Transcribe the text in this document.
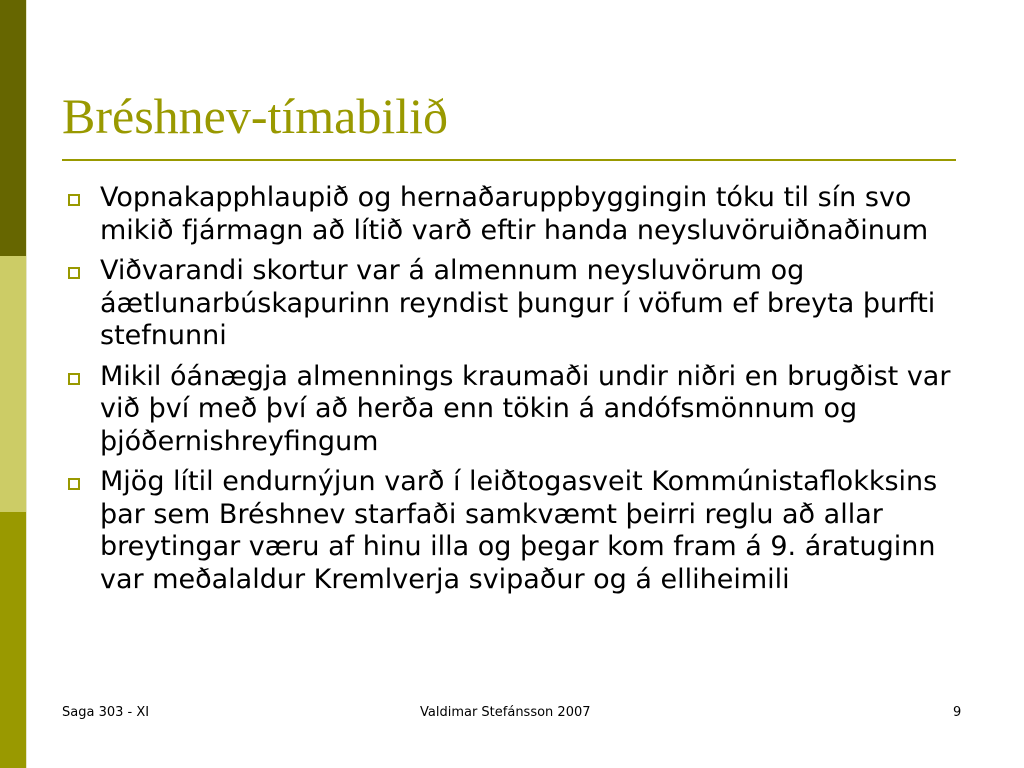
Bréshnev-tímabilið
Vopnakapphlaupið og hernaðaruppbyggingin tóku til sín svo mikið fjármagn að lítið varð eftir handa neysluvöruiðnaðinum
Viðvarandi skortur var á almennum neysluvörum og áætlunarbúskapurinn reyndist þungur í vöfum ef breyta þurfti stefnunni
Mikil óánægja almennings kraumaði undir niðri en brugðist var við því með því að herða enn tökin á andófsmönnum og þjóðernishreyfingum
Mjög lítil endurnýjun varð í leiðtogasveit Kommúnistaflokksins þar sem Bréshnev starfaði samkvæmt þeirri reglu að allar breytingar væru af hinu illa og þegar kom fram á 9. áratuginn var meðalaldur Kremlverja svipaður og á elliheimili
Saga 303 - XI	Valdimar Stefánsson 2007	9
